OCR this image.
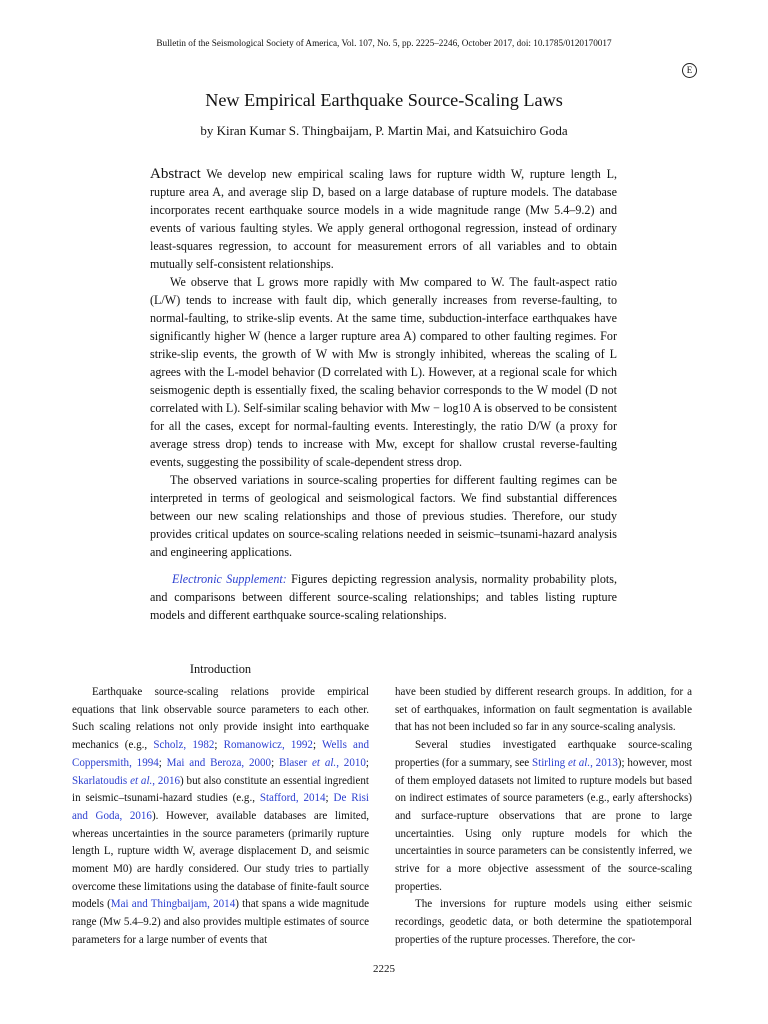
Bulletin of the Seismological Society of America, Vol. 107, No. 5, pp. 2225–2246, October 2017, doi: 10.1785/0120170017
E
New Empirical Earthquake Source-Scaling Laws
by Kiran Kumar S. Thingbaijam, P. Martin Mai, and Katsuichiro Goda

Abstract We develop new empirical scaling laws for rupture width W, rupture length L, rupture area A, and average slip D, based on a large database of rupture models. The database incorporates recent earthquake source models in a wide magnitude range (Mw 5.4–9.2) and events of various faulting styles. We apply general orthogonal regression, instead of ordinary least-squares regression, to account for measurement errors of all variables and to obtain mutually self-consistent relationships.

We observe that L grows more rapidly with Mw compared to W. The fault-aspect ratio (L/W) tends to increase with fault dip, which generally increases from reverse-faulting, to normal-faulting, to strike-slip events. At the same time, subduction-interface earthquakes have significantly higher W (hence a larger rupture area A) compared to other faulting regimes. For strike-slip events, the growth of W with Mw is strongly inhibited, whereas the scaling of L agrees with the L-model behavior (D correlated with L). However, at a regional scale for which seismogenic depth is essentially fixed, the scaling behavior corresponds to the W model (D not correlated with L). Self-similar scaling behavior with Mw − log10 A is observed to be consistent for all the cases, except for normal-faulting events. Interestingly, the ratio D/W (a proxy for average stress drop) tends to increase with Mw, except for shallow crustal reverse-faulting events, suggesting the possibility of scale-dependent stress drop.

The observed variations in source-scaling properties for different faulting regimes can be interpreted in terms of geological and seismological factors. We find substantial differences between our new scaling relationships and those of previous studies. Therefore, our study provides critical updates on source-scaling relations needed in seismic–tsunami-hazard analysis and engineering applications.

Electronic Supplement: Figures depicting regression analysis, normality probability plots, and comparisons between different source-scaling relationships; and tables listing rupture models and different earthquake source-scaling relationships.

Introduction

Earthquake source-scaling relations provide empirical equations that link observable source parameters to each other. Such scaling relations not only provide insight into earthquake mechanics (e.g., Scholz, 1982; Romanowicz, 1992; Wells and Coppersmith, 1994; Mai and Beroza, 2000; Blaser et al., 2010; Skarlatoudis et al., 2016) but also constitute an essential ingredient in seismic–tsunami-hazard studies (e.g., Stafford, 2014; De Risi and Goda, 2016). However, available databases are limited, whereas uncertainties in the source parameters (primarily rupture length L, rupture width W, average displacement D, and seismic moment M0) are hardly considered. Our study tries to partially overcome these limitations using the database of finite-fault source models (Mai and Thingbaijam, 2014) that spans a wide magnitude range (Mw 5.4–9.2) and also provides multiple estimates of source parameters for a large number of events that

have been studied by different research groups. In addition, for a set of earthquakes, information on fault segmentation is available that has not been included so far in any source-scaling analysis.

Several studies investigated earthquake source-scaling properties (for a summary, see Stirling et al., 2013); however, most of them employed datasets not limited to rupture models but based on indirect estimates of source parameters (e.g., early aftershocks) and surface-rupture observations that are prone to large uncertainties. Using only rupture models for which the uncertainties in source parameters can be consistently inferred, we strive for a more objective assessment of the source-scaling properties.

The inversions for rupture models using either seismic recordings, geodetic data, or both determine the spatiotemporal properties of the rupture processes. Therefore, the cor-

2225
